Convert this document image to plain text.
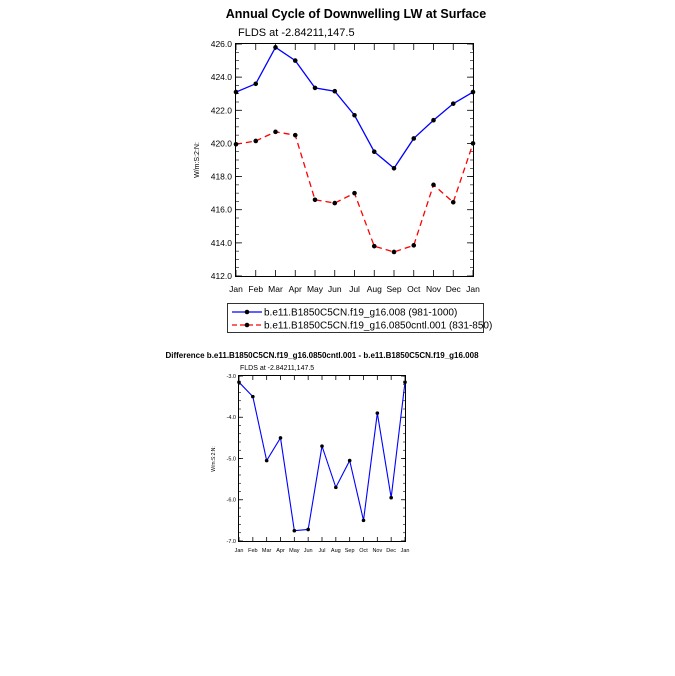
Annual Cycle of Downwelling LW at Surface
FLDS at -2.84211,147.5
W/m:S:2:N:
Jan Feb Mar Apr May Jun Jul Aug Sep Oct Nov Dec Jan
412.0
414.0
416.0
418.0
420.0
422.0
424.0
426.0
b.e11.B1850C5CN.f19_g16.008 (981-1000)
b.e11.B1850C5CN.f19_g16.0850cntl.001 (831-850)
Difference b.e11.B1850C5CN.f19_g16.0850cntl.001 - b.e11.B1850C5CN.f19_g16.008
FLDS at -2.84211,147.5
W/m:S:2:N:
Jan Feb Mar Apr May Jun Jul Aug Sep Oct Nov Dec Jan
-7.0
-6.0
-5.0
-4.0
-3.0
